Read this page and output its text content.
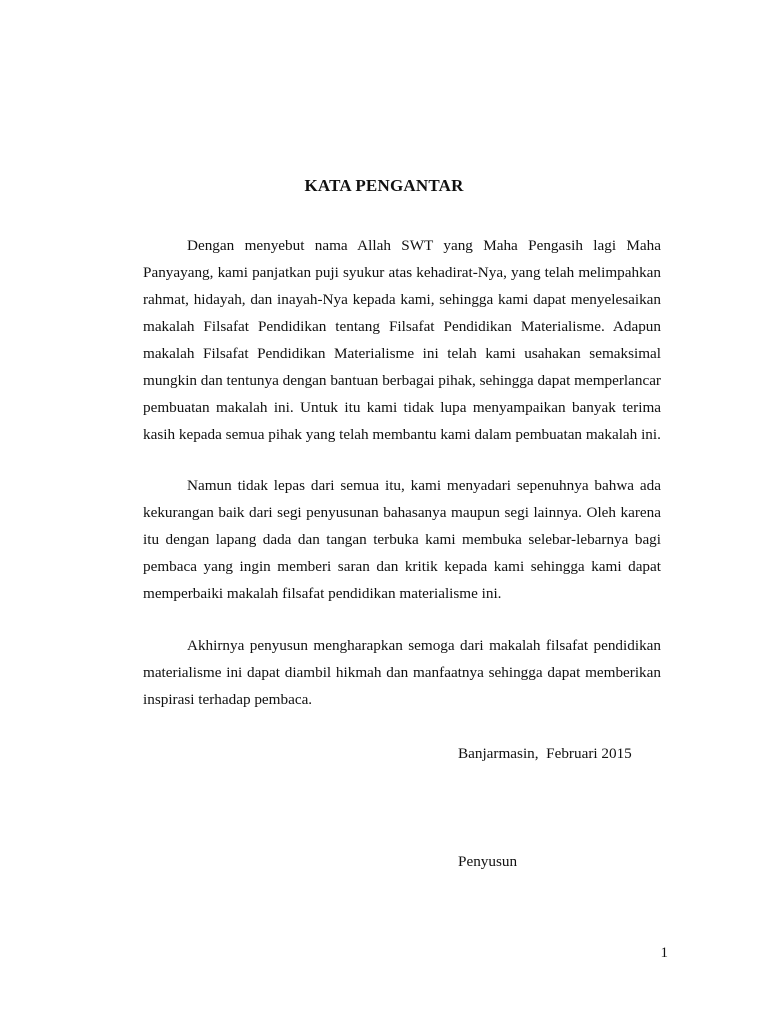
KATA PENGANTAR
Dengan menyebut nama Allah SWT yang Maha Pengasih lagi Maha
Panyayang, kami panjatkan puji syukur atas kehadirat-Nya, yang telah melimpahkan
rahmat, hidayah, dan inayah-Nya kepada kami, sehingga kami dapat menyelesaikan
makalah Filsafat Pendidikan tentang Filsafat Pendidikan Materialisme. Adapun
makalah Filsafat Pendidikan Materialisme ini telah kami usahakan semaksimal
mungkin dan tentunya dengan bantuan berbagai pihak, sehingga dapat memperlancar
pembuatan makalah ini. Untuk itu kami tidak lupa menyampaikan banyak terima
kasih kepada semua pihak yang telah membantu kami dalam pembuatan makalah ini.
Namun tidak lepas dari semua itu, kami menyadari sepenuhnya bahwa ada
kekurangan baik dari segi penyusunan bahasanya maupun segi lainnya. Oleh karena
itu dengan lapang dada dan tangan terbuka kami membuka selebar-lebarnya bagi
pembaca yang ingin memberi saran dan kritik kepada kami sehingga kami dapat
memperbaiki makalah filsafat pendidikan materialisme ini.
Akhirnya penyusun mengharapkan semoga dari makalah filsafat pendidikan
materialisme ini dapat diambil hikmah dan manfaatnya sehingga dapat memberikan
inspirasi terhadap pembaca.
Banjarmasin,  Februari 2015
Penyusun
1
